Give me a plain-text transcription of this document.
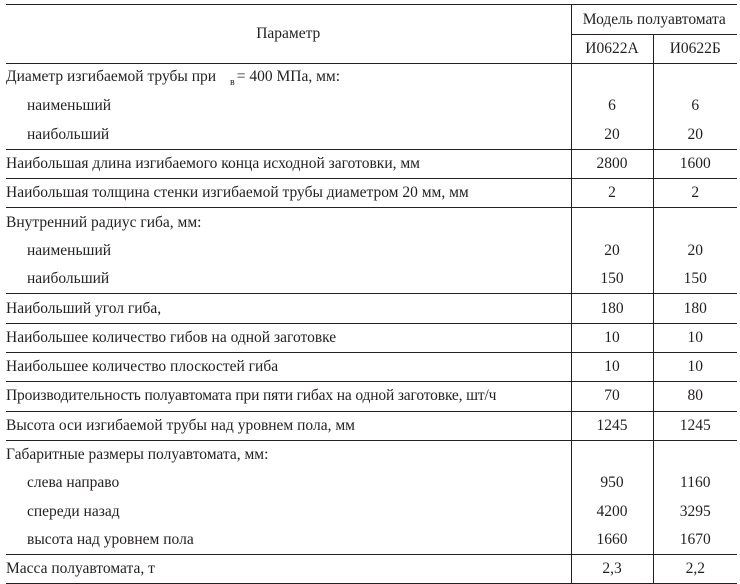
Параметр	Модель полуавтомата	
	И0622А	И0622Б
Диаметр изгибаемой трубы при $_в$ = 400 МПа, мм:		
наименьший	6	6
наибольший	20	20
Наибольшая длина изгибаемого конца исходной заготовки, мм	2800	1600
Наибольшая толщина стенки изгибаемой трубы диаметром 20 мм, мм	2	2
Внутренний радиус гиба, мм:		
наименьший	20	20
наибольший	150	150
Наибольший угол гиба,	180	180
Наибольшее количество гибов на одной заготовке	10	10
Наибольшее количество плоскостей гиба	10	10
Производительность полуавтомата при пяти гибах на одной заготовке, шт/ч	70	80
Высота оси изгибаемой трубы над уровнем пола, мм	1245	1245
Габаритные размеры полуавтомата, мм:		
слева направо	950	1160
спереди назад	4200	3295
высота над уровнем пола	1660	1670
Масса полуавтомата, т	2,3	2,2
